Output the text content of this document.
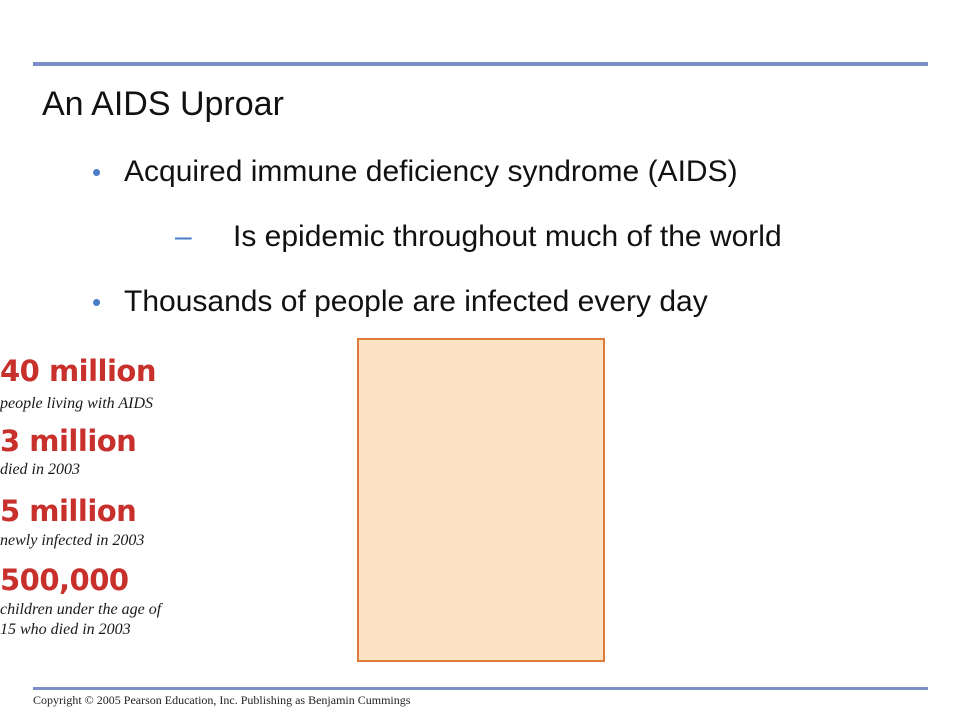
An AIDS Uproar
• Acquired immune deficiency syndrome (AIDS)
– Is epidemic throughout much of the world
• Thousands of people are infected every day
40 million
people living with AIDS
3 million
died in 2003
5 million
newly infected in 2003
500,000
children under the age of
15 who died in 2003
Copyright © 2005 Pearson Education, Inc. Publishing as Benjamin Cummings
